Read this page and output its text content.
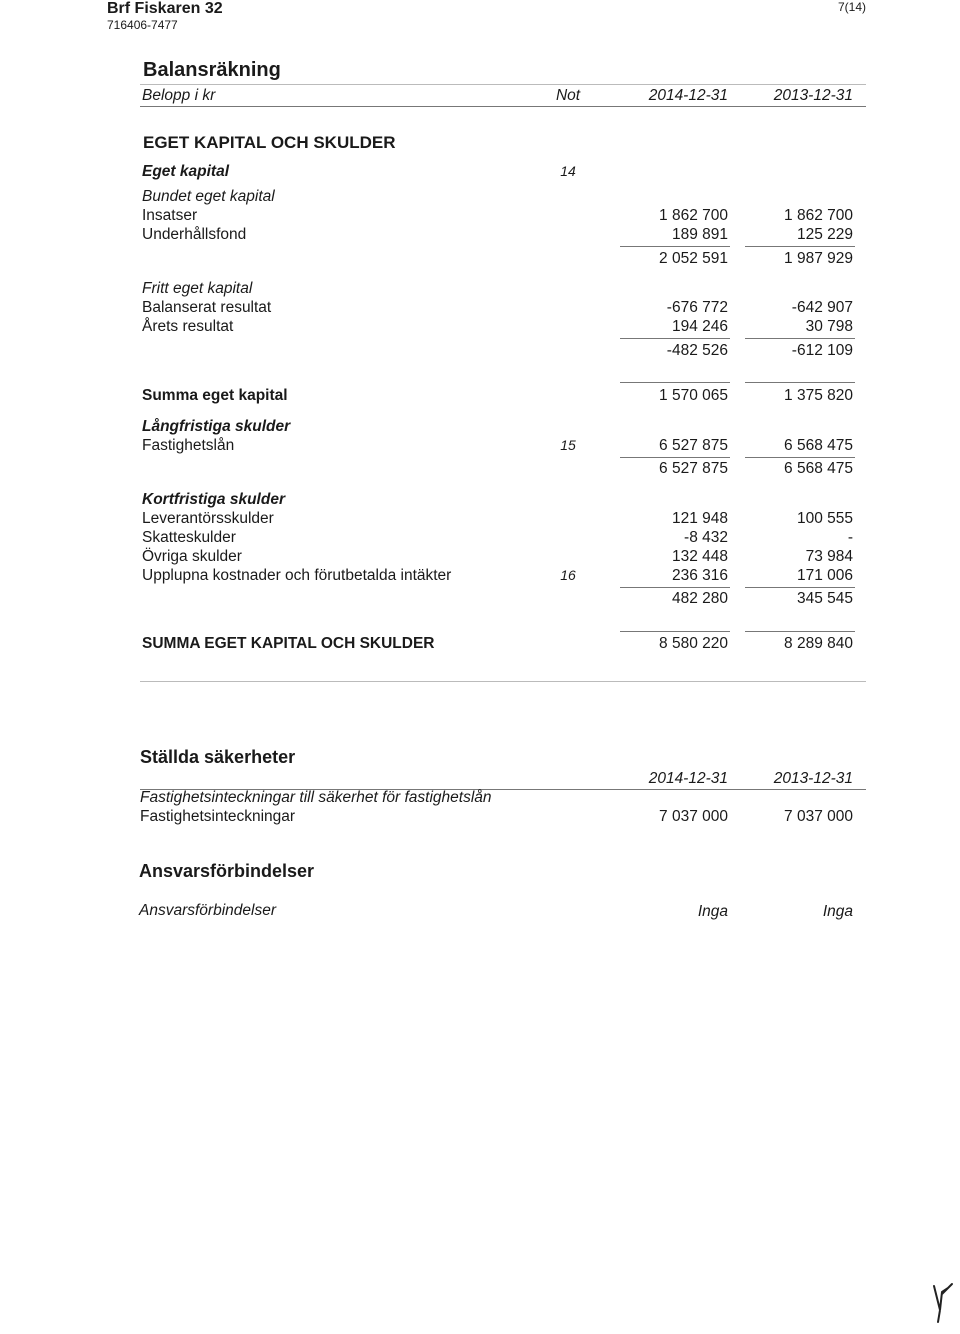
Brf Fiskaren 32
716406-7477
7(14)
Balansräkning
Belopp i kr	Not	2014-12-31	2013-12-31
EGET KAPITAL OCH SKULDER
Eget kapital	14
Bundet eget kapital
Insatser	1 862 700	1 862 700
Underhållsfond	189 891	125 229
2 052 591	1 987 929
Fritt eget kapital
Balanserat resultat	-676 772	-642 907
Årets resultat	194 246	30 798
-482 526	-612 109
Summa eget kapital	1 570 065	1 375 820
Långfristiga skulder
Fastighetslån	15	6 527 875	6 568 475
6 527 875	6 568 475
Kortfristiga skulder
Leverantörsskulder	121 948	100 555
Skatteskulder	-8 432	-
Övriga skulder	132 448	73 984
Upplupna kostnader och förutbetalda intäkter	16	236 316	171 006
482 280	345 545
SUMMA EGET KAPITAL OCH SKULDER	8 580 220	8 289 840
Ställda säkerheter
2014-12-31	2013-12-31
Fastighetsinteckningar till säkerhet för fastighetslån
Fastighetsinteckningar	7 037 000	7 037 000
Ansvarsförbindelser
Ansvarsförbindelser	Inga	Inga
